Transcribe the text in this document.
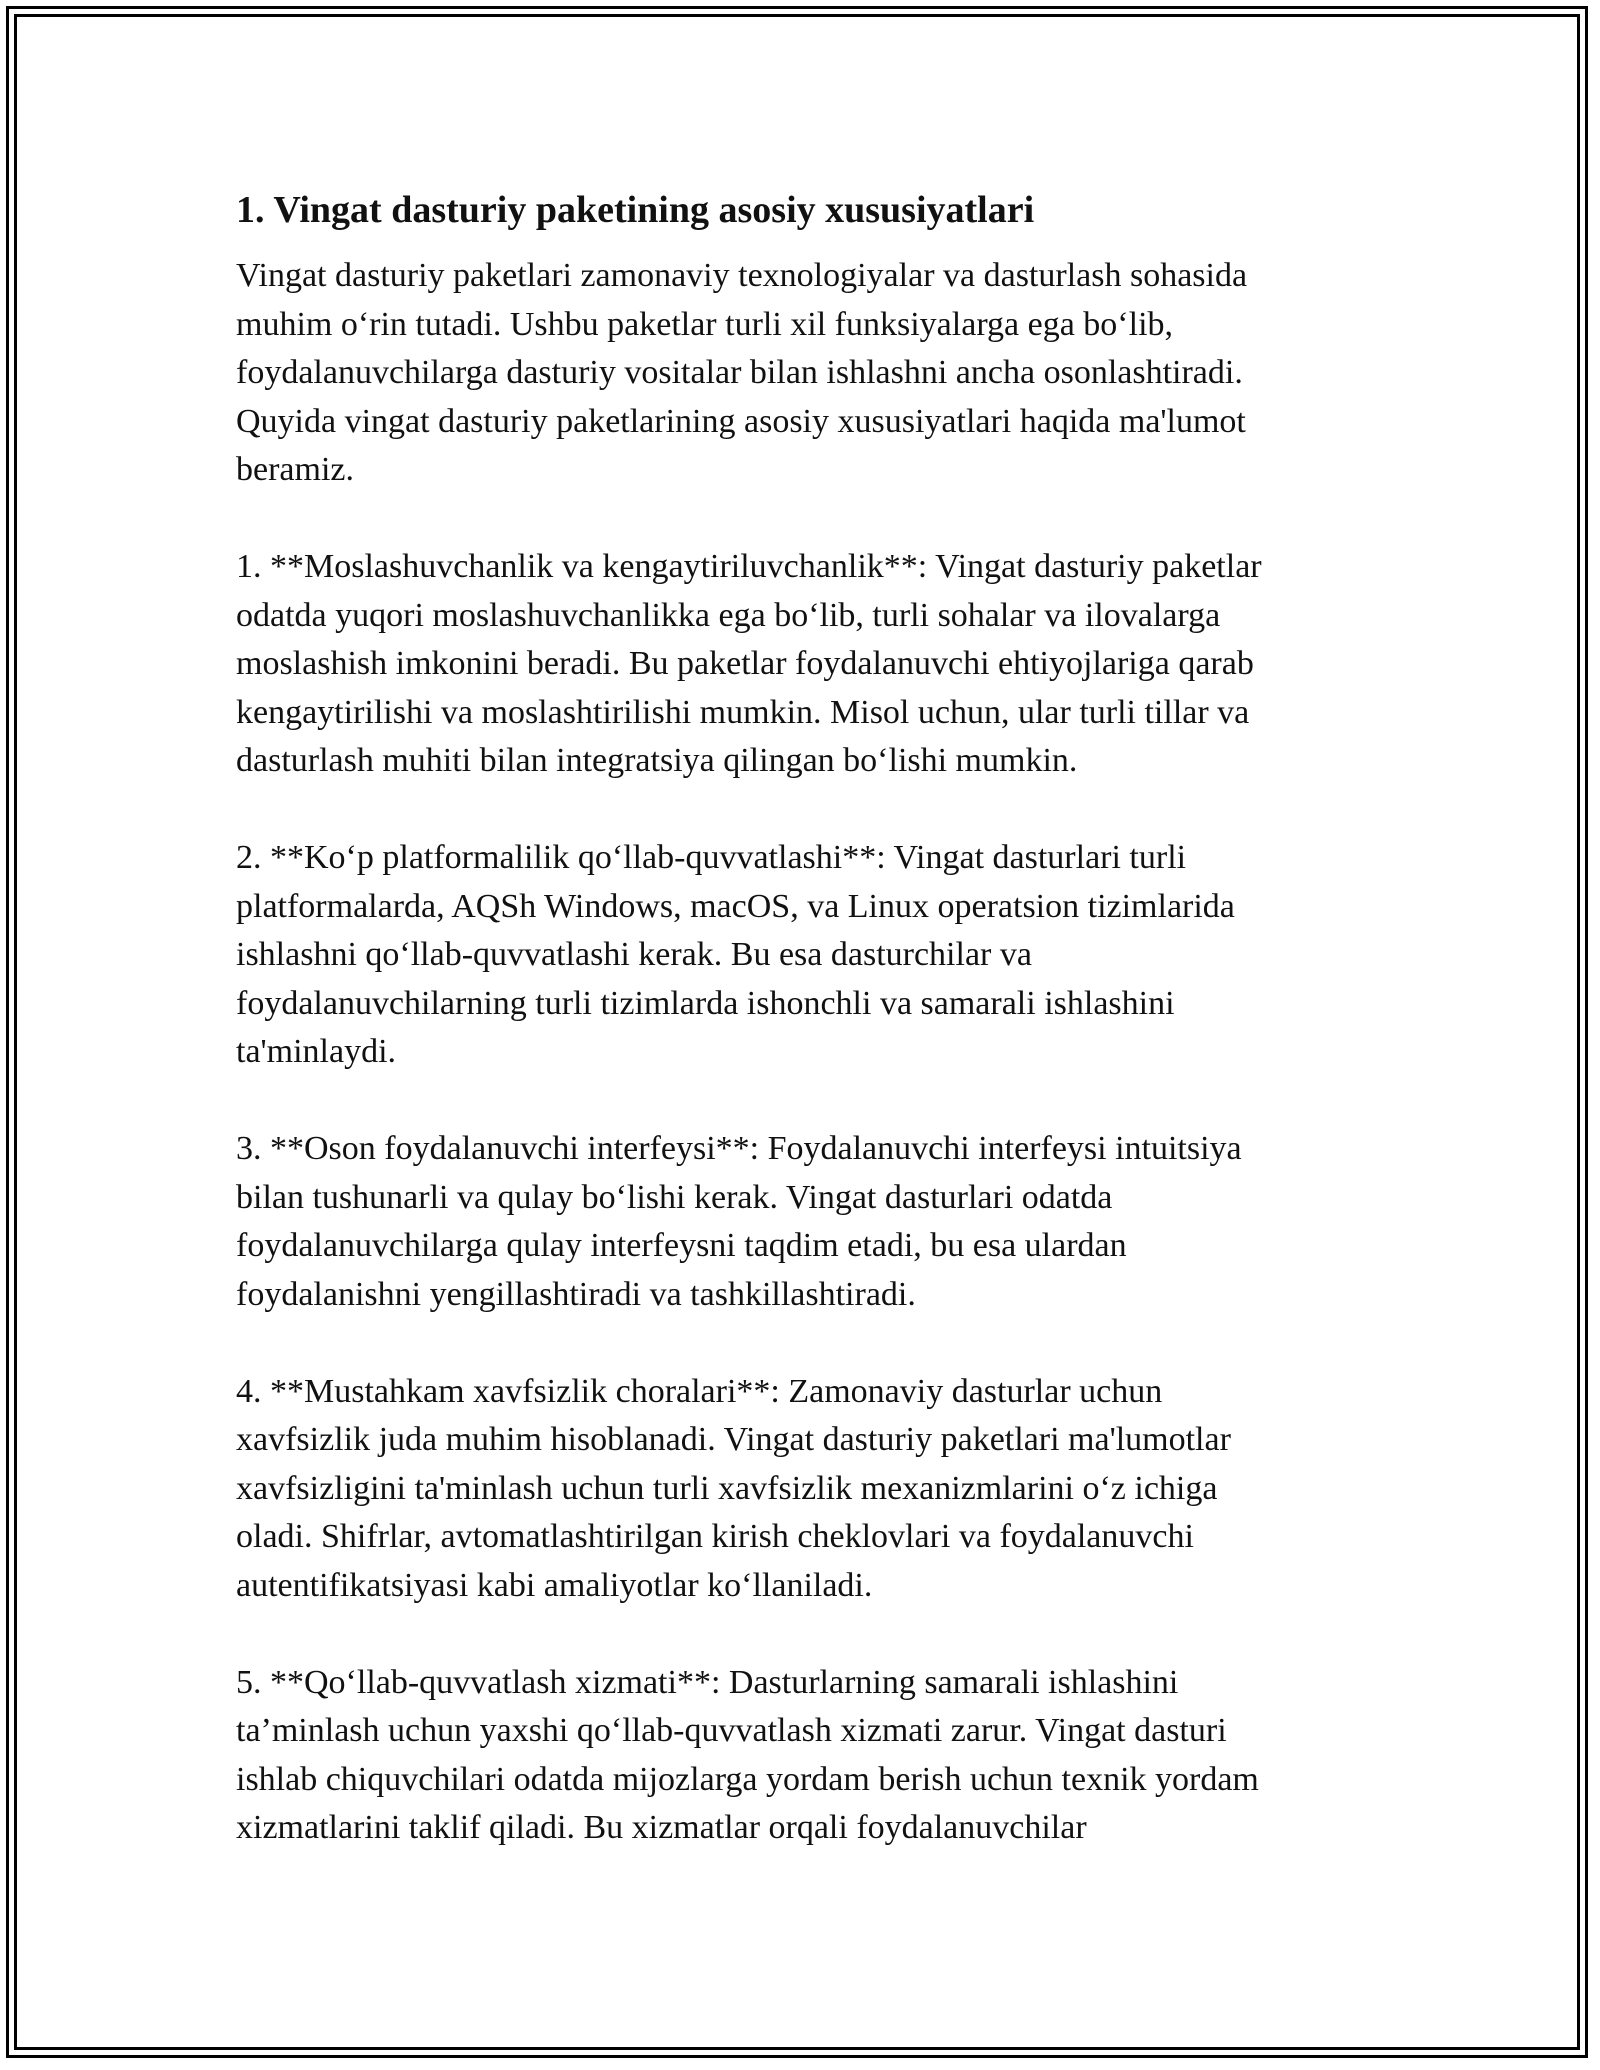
1. Vingat dasturiy paketining asosiy xususiyatlari

Vingat dasturiy paketlari zamonaviy texnologiyalar va dasturlash sohasida
muhim o‘rin tutadi. Ushbu paketlar turli xil funksiyalarga ega bo‘lib,
foydalanuvchilarga dasturiy vositalar bilan ishlashni ancha osonlashtiradi.
Quyida vingat dasturiy paketlarining asosiy xususiyatlari haqida ma'lumot
beramiz.

1. **Moslashuvchanlik va kengaytiriluvchanlik**: Vingat dasturiy paketlar
odatda yuqori moslashuvchanlikka ega bo‘lib, turli sohalar va ilovalarga
moslashish imkonini beradi. Bu paketlar foydalanuvchi ehtiyojlariga qarab
kengaytirilishi va moslashtirilishi mumkin. Misol uchun, ular turli tillar va
dasturlash muhiti bilan integratsiya qilingan bo‘lishi mumkin.

2. **Ko‘p platformalilik qo‘llab-quvvatlashi**: Vingat dasturlari turli
platformalarda, AQSh Windows, macOS, va Linux operatsion tizimlarida
ishlashni qo‘llab-quvvatlashi kerak. Bu esa dasturchilar va
foydalanuvchilarning turli tizimlarda ishonchli va samarali ishlashini
ta'minlaydi.

3. **Oson foydalanuvchi interfeysi**: Foydalanuvchi interfeysi intuitsiya
bilan tushunarli va qulay bo‘lishi kerak. Vingat dasturlari odatda
foydalanuvchilarga qulay interfeysni taqdim etadi, bu esa ulardan
foydalanishni yengillashtiradi va tashkillashtiradi.

4. **Mustahkam xavfsizlik choralari**: Zamonaviy dasturlar uchun
xavfsizlik juda muhim hisoblanadi. Vingat dasturiy paketlari ma'lumotlar
xavfsizligini ta'minlash uchun turli xavfsizlik mexanizmlarini o‘z ichiga
oladi. Shifrlar, avtomatlashtirilgan kirish cheklovlari va foydalanuvchi
autentifikatsiyasi kabi amaliyotlar ko‘llaniladi.

5. **Qo‘llab-quvvatlash xizmati**: Dasturlarning samarali ishlashini
ta’minlash uchun yaxshi qo‘llab-quvvatlash xizmati zarur. Vingat dasturi
ishlab chiquvchilari odatda mijozlarga yordam berish uchun texnik yordam
xizmatlarini taklif qiladi. Bu xizmatlar orqali foydalanuvchilar
